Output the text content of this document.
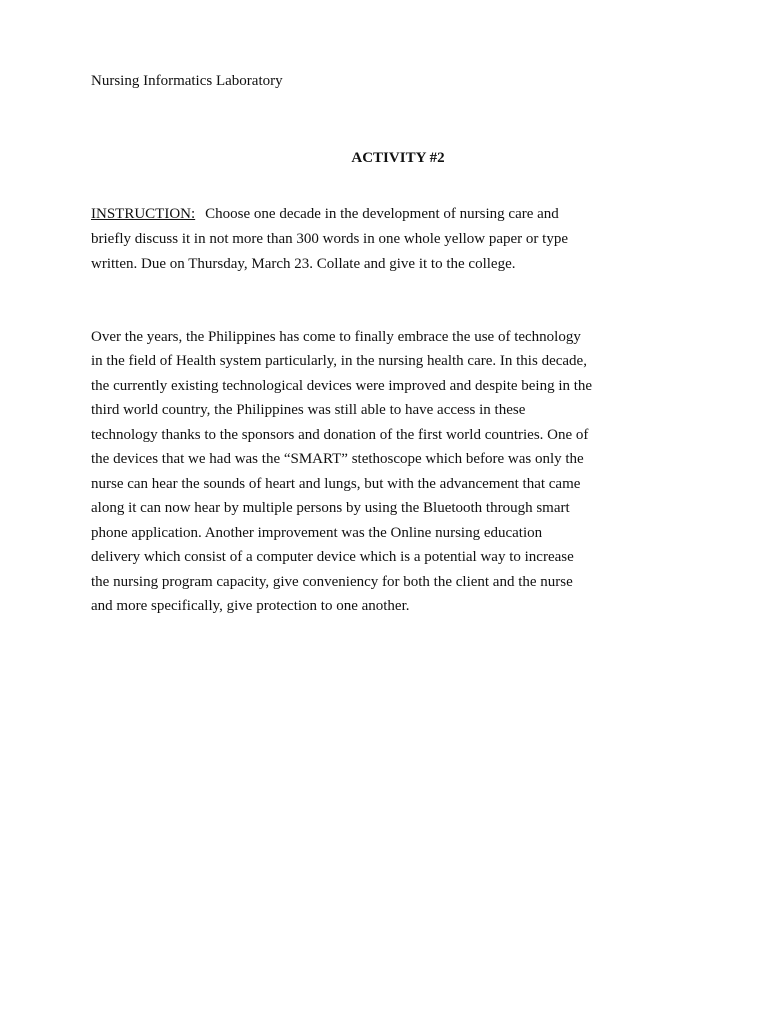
Nursing Informatics Laboratory

ACTIVITY #2

INSTRUCTION: Choose one decade in the development of nursing care and

briefly discuss it in not more than 300 words in one whole yellow paper or type

written. Due on Thursday, March 23. Collate and give it to the college.

Over the years, the Philippines has come to finally embrace the use of technology

in the field of Health system particularly, in the nursing health care. In this decade,

the currently existing technological devices were improved and despite being in the

third world country, the Philippines was still able to have access in these

technology thanks to the sponsors and donation of the first world countries. One of

the devices that we had was the “SMART” stethoscope which before was only the

nurse can hear the sounds of heart and lungs, but with the advancement that came

along it can now hear by multiple persons by using the Bluetooth through smart

phone application. Another improvement was the Online nursing education

delivery which consist of a computer device which is a potential way to increase

the nursing program capacity, give conveniency for both the client and the nurse

and more specifically, give protection to one another.
